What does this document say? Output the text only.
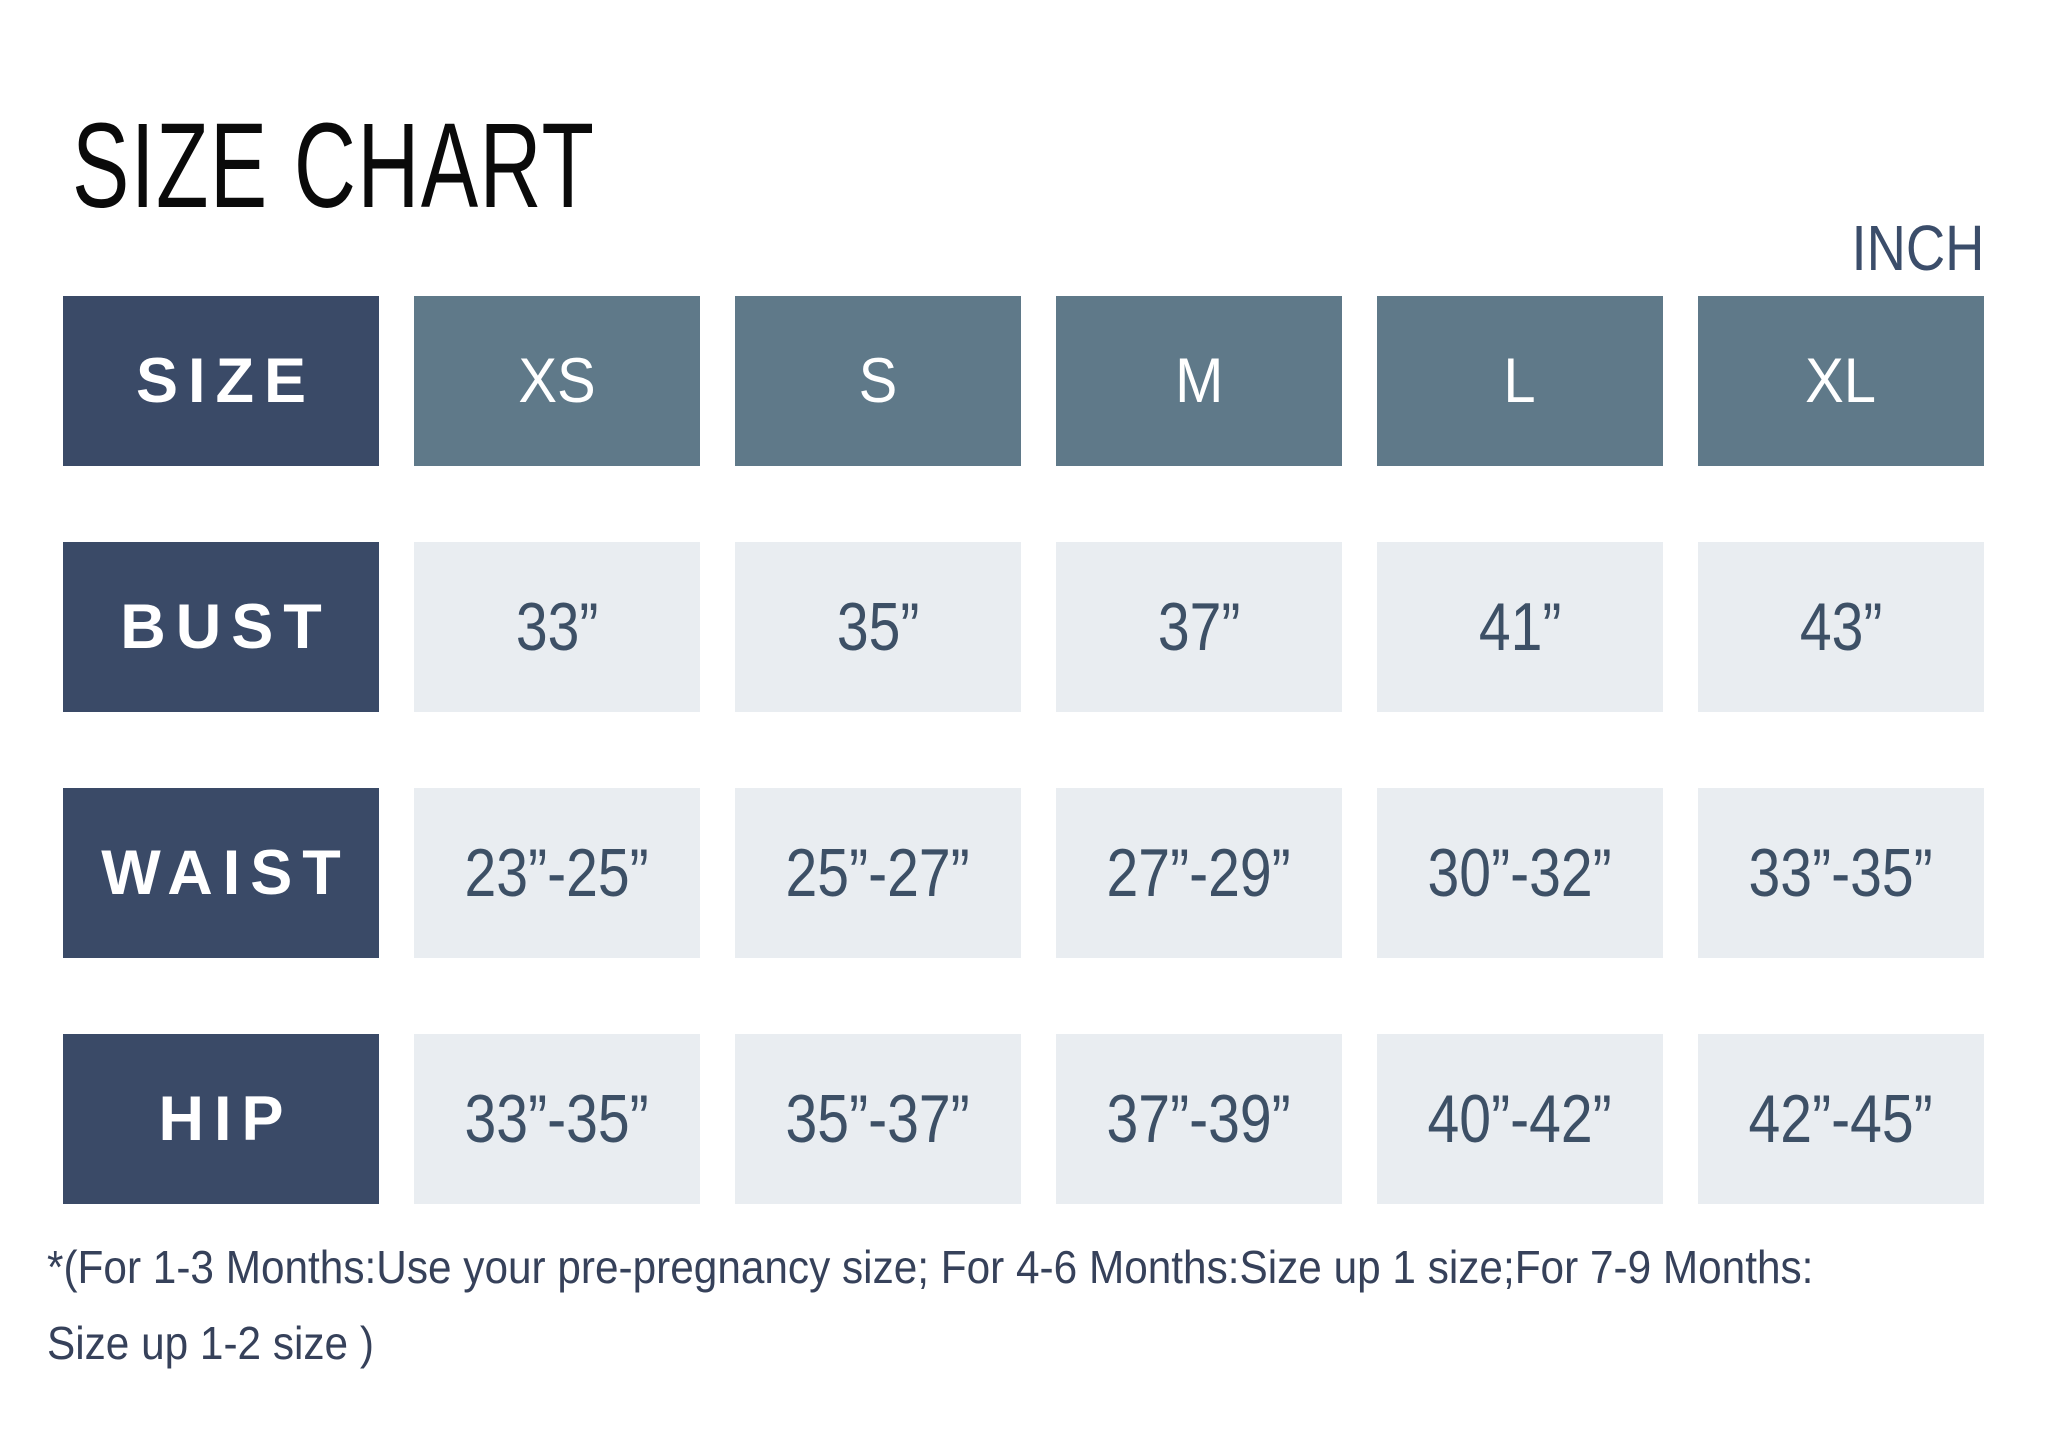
SIZE CHART
INCH
SIZE	XS	S	M	L	XL
BUST	33”	35”	37”	41”	43”
WAIST	23”-25” 25”-27” 27”-29” 30”-32” 33”-35”
HIP	33”-35” 35”-37” 37”-39” 40”-42” 42”-45”
*(For 1-3 Months:Use your pre-pregnancy size; For 4-6 Months:Size up 1 size;For 7-9 Months:
Size up 1-2 size )
